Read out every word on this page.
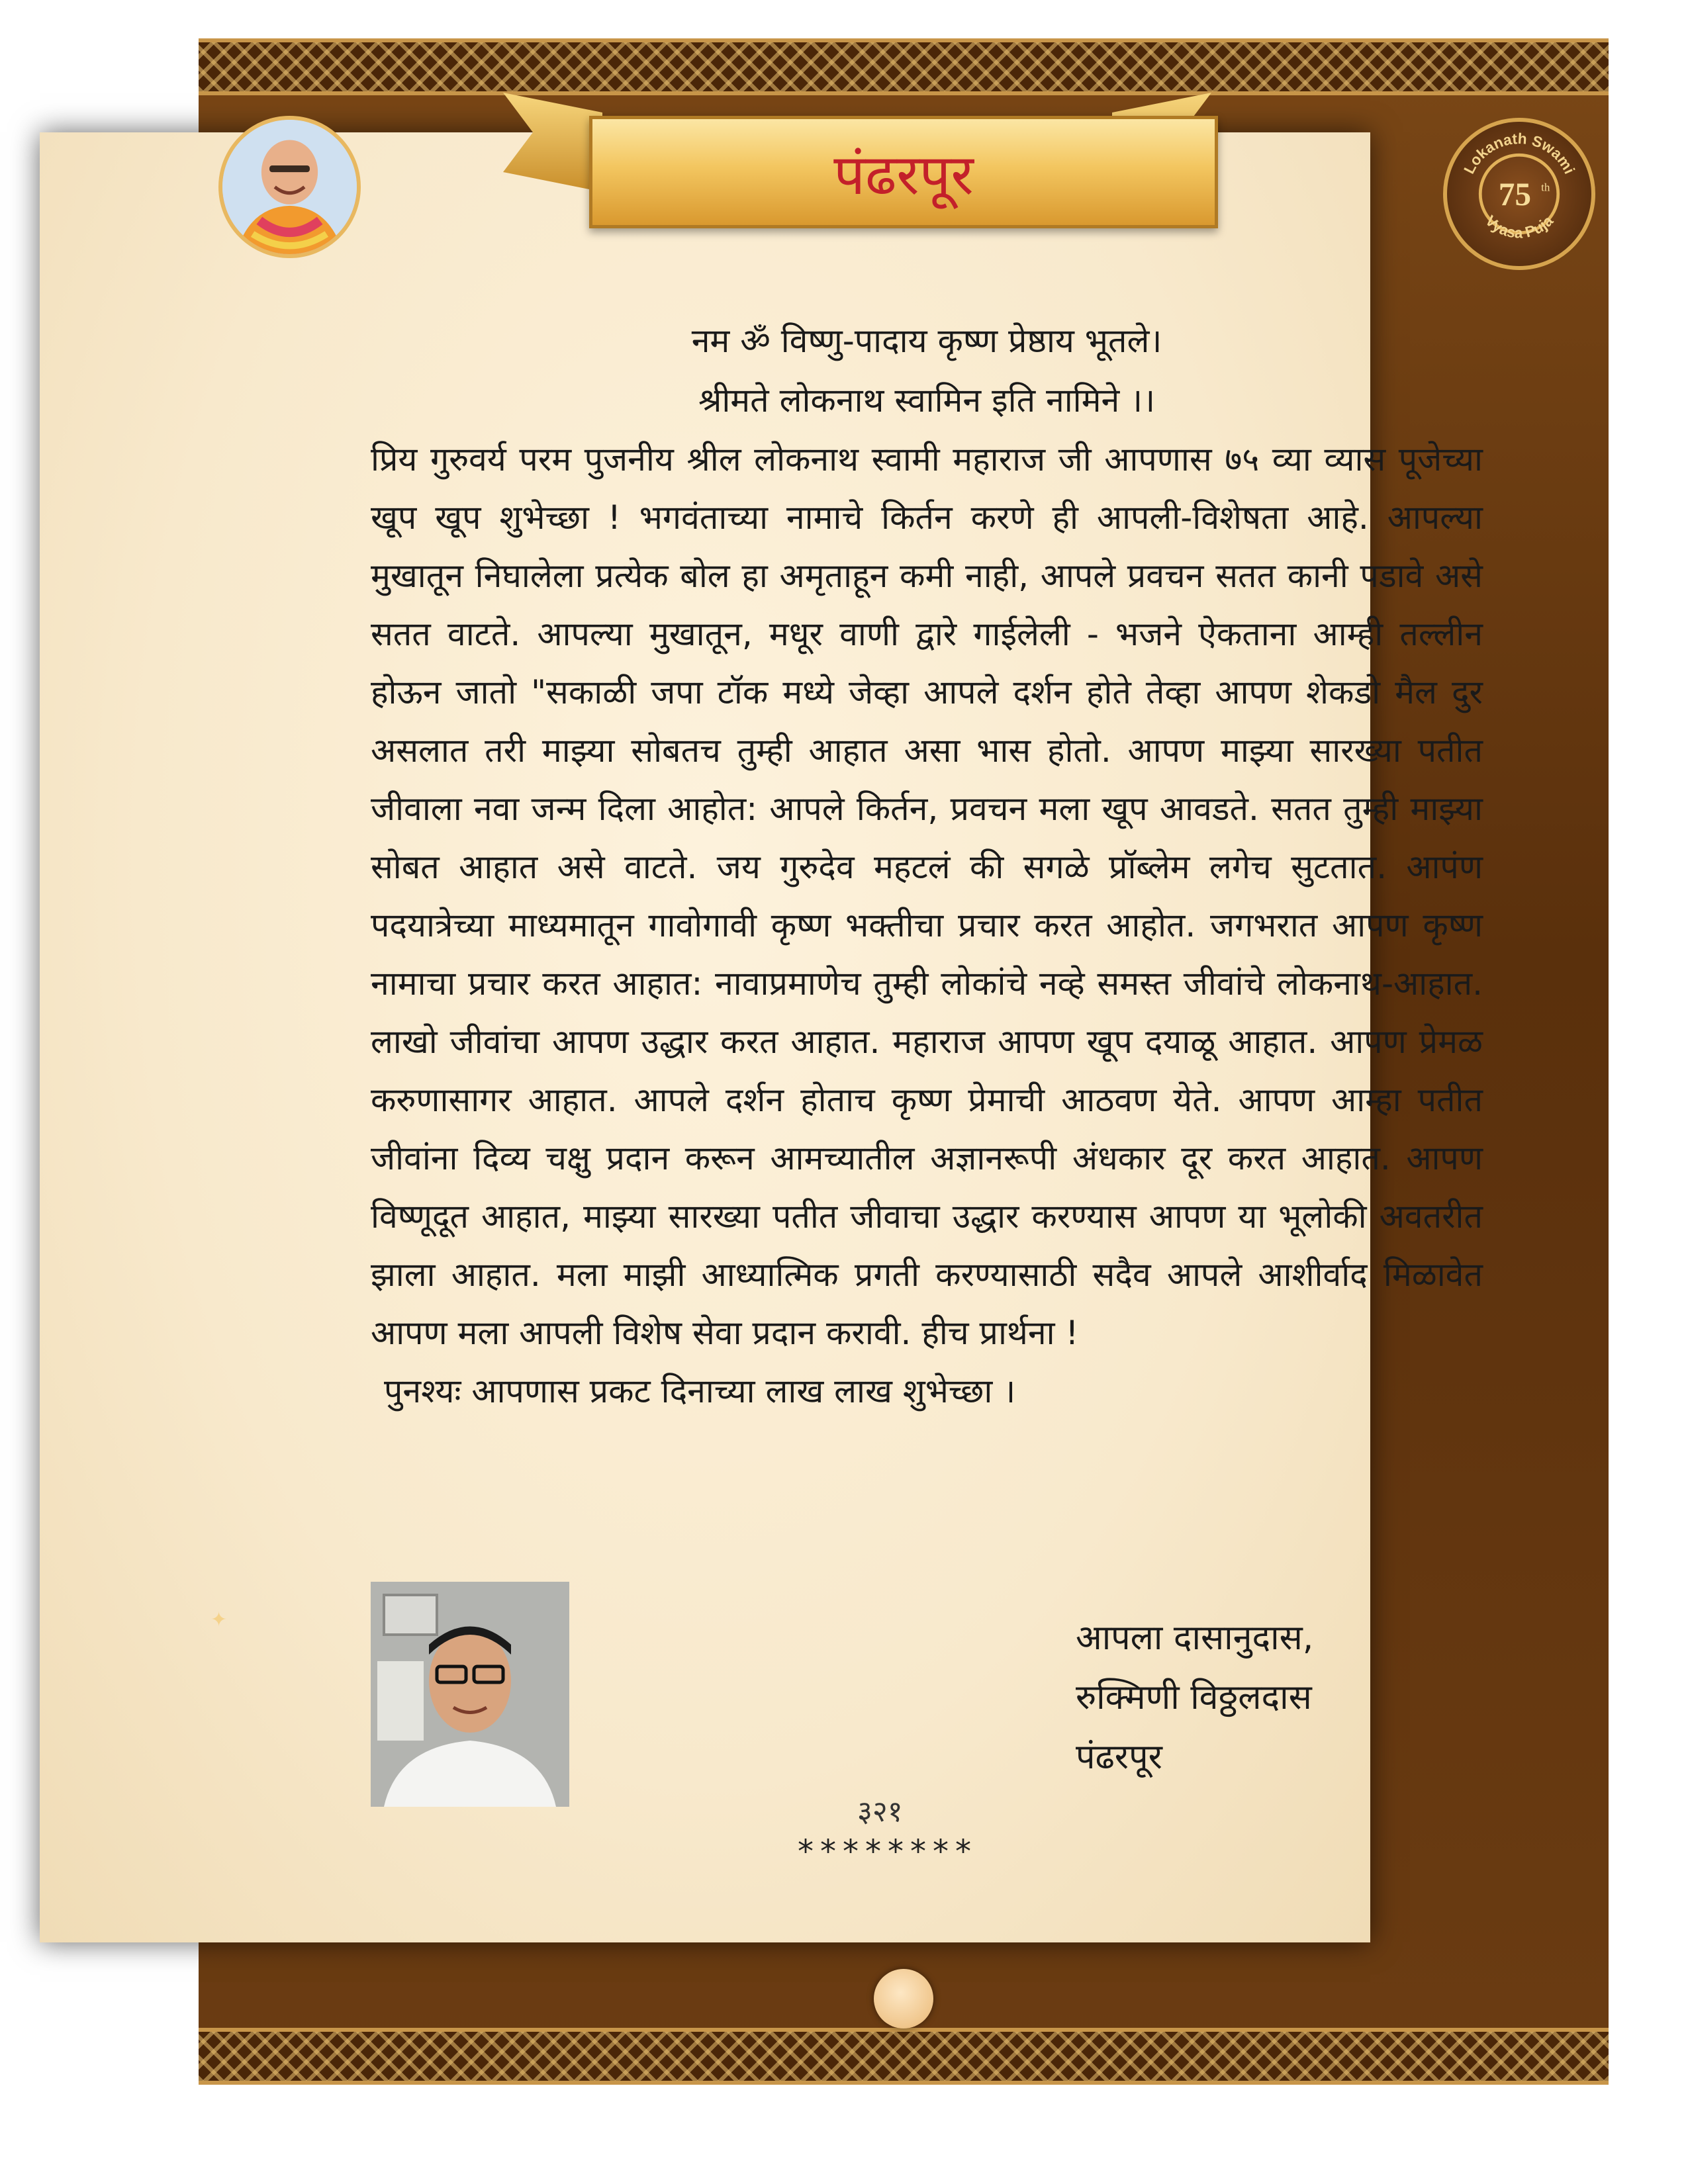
पंढरपूर	Lokanath Swami
Vyasa Puja
75 th
नम ॐ विष्णु-पादाय कृष्ण प्रेष्ठाय भूतले।
श्रीमते लोकनाथ स्वामिन इति नामिने ।।

प्रिय गुरुवर्य परम पुजनीय श्रील लोकनाथ स्वामी महाराज जी आपणास ७५ व्या व्यास पूजेच्या खूप खूप शुभेच्छा ! भगवंताच्या नामाचे किर्तन करणे ही आपली-विशेषता आहे. आपल्या मुखातून निघालेला प्रत्येक बोल हा अमृताहून कमी नाही, आपले प्रवचन सतत कानी पडावे असे सतत वाटते. आपल्या मुखातून, मधूर वाणी द्वारे गाईलेली - भजने ऐकताना आम्ही तल्लीन होऊन जातो "सकाळी जपा टॉक मध्ये जेव्हा आपले दर्शन होते तेव्हा आपण शेकडो मैल दुर असलात तरी माझ्या सोबतच तुम्ही आहात असा भास होतो. आपण माझ्या सारख्या पतीत जीवाला नवा जन्म दिला आहोत: आपले किर्तन, प्रवचन मला खूप आवडते. सतत तुम्ही माझ्या सोबत आहात असे वाटते. जय गुरुदेव महटलं की सगळे प्रॉब्लेम लगेच सुटतात. आपंण पदयात्रेच्या माध्यमातून गावोगावी कृष्ण भक्तीचा प्रचार करत आहोत. जगभरात आपण कृष्ण नामाचा प्रचार करत आहात: नावाप्रमाणेच तुम्ही लोकांचे नव्हे समस्त जीवांचे लोकनाथ-आहात. लाखो जीवांचा आपण उद्धार करत आहात. महाराज आपण खूप दयाळू आहात. आपण प्रेमळ करुणासागर आहात. आपले दर्शन होताच कृष्ण प्रेमाची आठवण येते. आपण आम्हा पतीत जीवांना दिव्य चक्षु प्रदान करून आमच्यातील अज्ञानरूपी अंधकार दूर करत आहात. आपण विष्णूदूत आहात, माझ्या सारख्या पतीत जीवाचा उद्धार करण्यास आपण या भूलोकी अवतरीत झाला आहात. मला माझी आध्यात्मिक प्रगती करण्यासाठी सदैव आपले आशीर्वाद मिळावेत आपण मला आपली विशेष सेवा प्रदान करावी. हीच प्रार्थना !

पुनश्यः आपणास प्रकट दिनाच्या लाख लाख शुभेच्छा ।

आपला दासानुदास,
रुक्मिणी विठ्ठलदास
पंढरपूर
३२१
********
✦
